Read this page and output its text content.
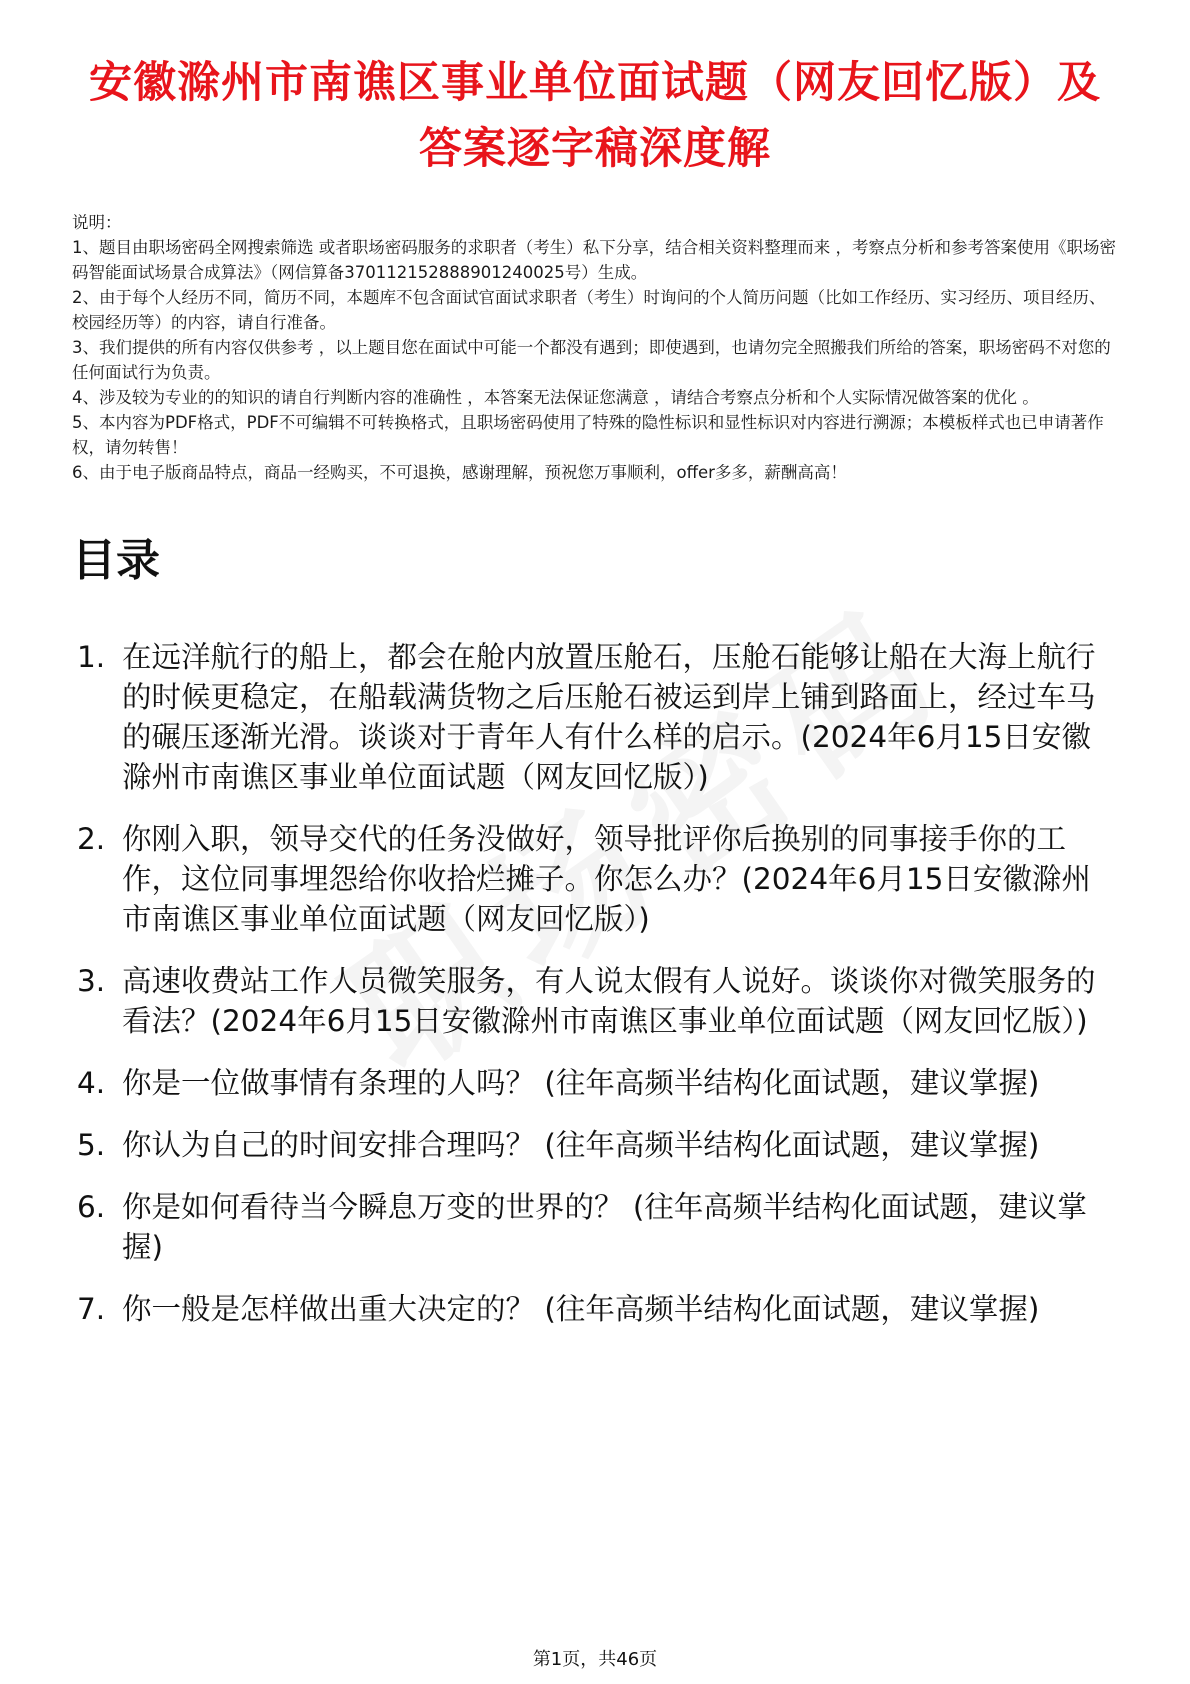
安徽滁州市南谯区事业单位面试题（网友回忆版）及答案逐字稿深度解

说明：

1、题目由职场密码全网搜索筛选 或者职场密码服务的求职者（考生）私下分享，结合相关资料整理而来 ，考察点分析和参考答案使用《职场密码智能面试场景合成算法》（网信算备370112152888901240025号）生成。

2、由于每个人经历不同，简历不同，本题库不包含面试官面试求职者（考生）时询问的个人简历问题（比如工作经历、实习经历、项目经历、校园经历等）的内容，请自行准备。

3、我们提供的所有内容仅供参考 ，以上题目您在面试中可能一个都没有遇到；即使遇到，也请勿完全照搬我们所给的答案，职场密码不对您的任何面试行为负责。

4、涉及较为专业的的知识的请自行判断内容的准确性 ，本答案无法保证您满意 ，请结合考察点分析和个人实际情况做答案的优化 。

5、本内容为PDF格式，PDF不可编辑不可转换格式，且职场密码使用了特殊的隐性标识和显性标识对内容进行溯源；本模板样式也已申请著作权，请勿转售！

6、由于电子版商品特点，商品一经购买，不可退换，感谢理解，预祝您万事顺利，offer多多，薪酬高高！

目录
1. 在远洋航行的船上，都会在舱内放置压舱石，压舱石能够让船在大海上航行的时候更稳定，在船载满货物之后压舱石被运到岸上铺到路面上，经过车马的碾压逐渐光滑。谈谈对于青年人有什么样的启示。(2024年6月15日安徽滁州市南谯区事业单位面试题（网友回忆版）)
2. 你刚入职，领导交代的任务没做好，领导批评你后换别的同事接手你的工作，这位同事埋怨给你收拾烂摊子。你怎么办？(2024年6月15日安徽滁州市南谯区事业单位面试题（网友回忆版）)
3. 高速收费站工作人员微笑服务，有人说太假有人说好。谈谈你对微笑服务的看法？(2024年6月15日安徽滁州市南谯区事业单位面试题（网友回忆版）)
4. 你是一位做事情有条理的人吗？ (往年高频半结构化面试题，建议掌握)
5. 你认为自己的时间安排合理吗？ (往年高频半结构化面试题，建议掌握)
6. 你是如何看待当今瞬息万变的世界的？ (往年高频半结构化面试题，建议掌握)
7. 你一般是怎样做出重大决定的？ (往年高频半结构化面试题，建议掌握)
第1页，共46页
